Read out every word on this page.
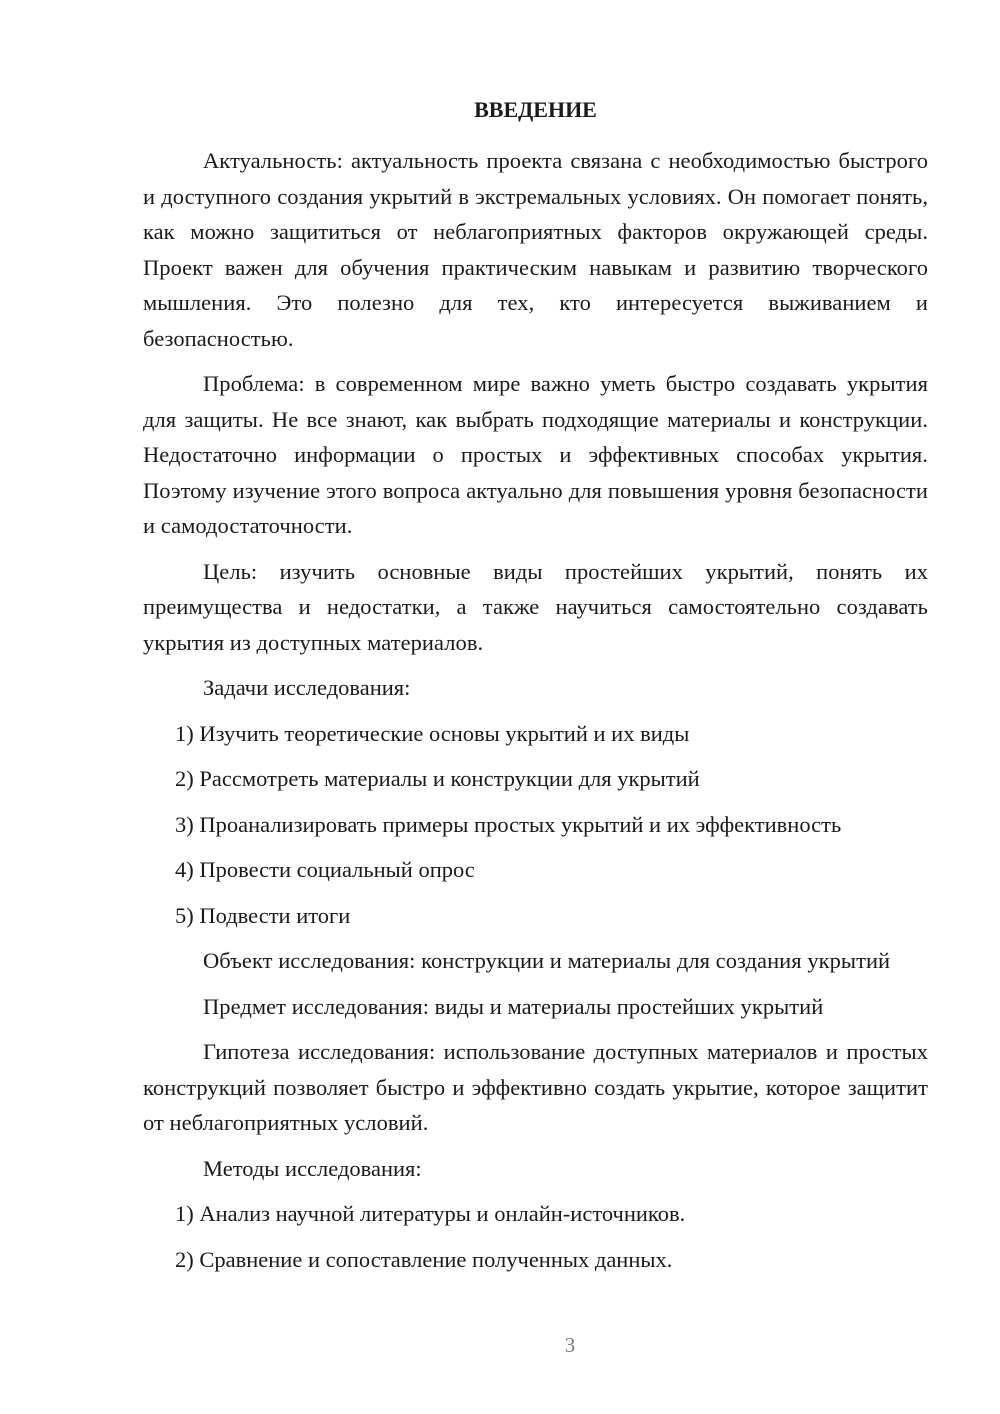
ВВЕДЕНИЕ

Актуальность: актуальность проекта связана с необходимостью быстрого и доступного создания укрытий в экстремальных условиях. Он помогает понять, как можно защититься от неблагоприятных факторов окружающей среды. Проект важен для обучения практическим навыкам и развитию творческого мышления. Это полезно для тех, кто интересуется выживанием и безопасностью.

Проблема: в современном мире важно уметь быстро создавать укрытия для защиты. Не все знают, как выбрать подходящие материалы и конструкции. Недостаточно информации о простых и эффективных способах укрытия. Поэтому изучение этого вопроса актуально для повышения уровня безопасности и самодостаточности.

Цель: изучить основные виды простейших укрытий, понять их преимущества и недостатки, а также научиться самостоятельно создавать укрытия из доступных материалов.

Задачи исследования:

1) Изучить теоретические основы укрытий и их виды

2) Рассмотреть материалы и конструкции для укрытий

3) Проанализировать примеры простых укрытий и их эффективность

4) Провести социальный опрос

5) Подвести итоги

Объект исследования: конструкции и материалы для создания укрытий

Предмет исследования: виды и материалы простейших укрытий

Гипотеза исследования: использование доступных материалов и простых конструкций позволяет быстро и эффективно создать укрытие, которое защитит от неблагоприятных условий.

Методы исследования:

1) Анализ научной литературы и онлайн-источников.

2) Сравнение и сопоставление полученных данных.

3
